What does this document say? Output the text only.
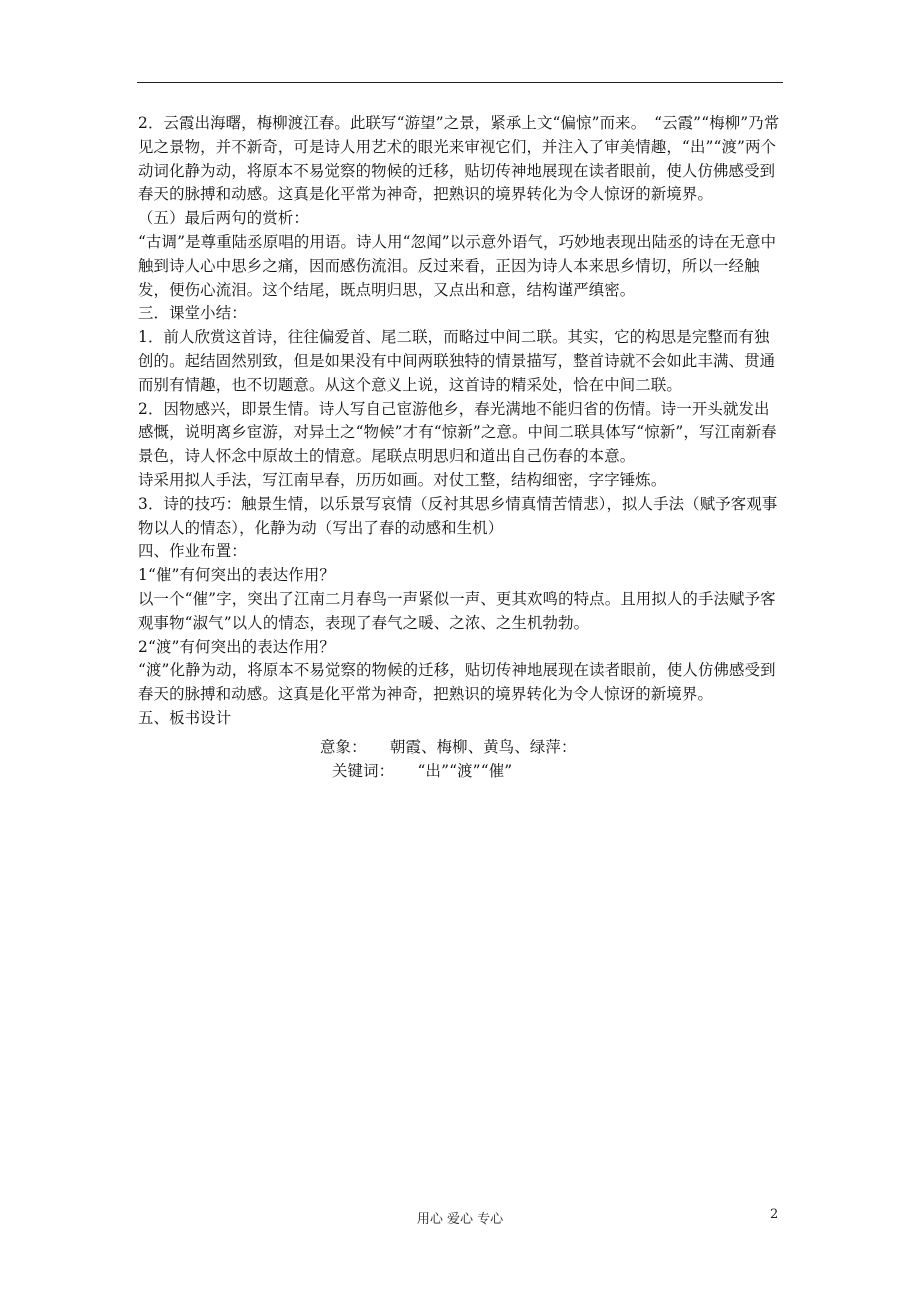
2．云霞出海曙，梅柳渡江春。此联写“游望”之景，紧承上文“偏惊”而来。　“云霞”“梅柳”乃常见之景物，并不新奇，可是诗人用艺术的眼光来审视它们，并注入了审美情趣，“出”“渡”两个动词化静为动，将原本不易觉察的物候的迁移，贴切传神地展现在读者眼前，使人仿佛感受到春天的脉搏和动感。这真是化平常为神奇，把熟识的境界转化为令人惊讶的新境界。

（五）最后两句的赏析：

“古调”是尊重陆丞原唱的用语。诗人用“忽闻”以示意外语气，巧妙地表现出陆丞的诗在无意中触到诗人心中思乡之痛，因而感伤流泪。反过来看，正因为诗人本来思乡情切，所以一经触发，便伤心流泪。这个结尾，既点明归思，又点出和意，结构谨严缜密。

三．课堂小结：

1．前人欣赏这首诗，往往偏爱首、尾二联，而略过中间二联。其实，它的构思是完整而有独创的。起结固然别致，但是如果没有中间两联独特的情景描写，整首诗就不会如此丰满、贯通而别有情趣，也不切题意。从这个意义上说，这首诗的精采处，恰在中间二联。

2．因物感兴，即景生情。诗人写自己宦游他乡，春光满地不能归省的伤情。诗一开头就发出感慨，说明离乡宦游，对异土之“物候”才有“惊新”之意。中间二联具体写“惊新”，写江南新春景色，诗人怀念中原故土的情意。尾联点明思归和道出自己伤春的本意。

诗采用拟人手法，写江南早春，历历如画。对仗工整，结构细密，字字锤炼。

3．诗的技巧：触景生情，以乐景写哀情（反衬其思乡情真情苦情悲），拟人手法（赋予客观事物以人的情态），化静为动（写出了春的动感和生机）

四、作业布置：

1“催”有何突出的表达作用？

以一个“催”字，突出了江南二月春鸟一声紧似一声、更其欢鸣的特点。且用拟人的手法赋予客观事物“淑气”以人的情态，表现了春气之暖、之浓、之生机勃勃。

2“渡”有何突出的表达作用？

“渡”化静为动，将原本不易觉察的物候的迁移，贴切传神地展现在读者眼前，使人仿佛感受到春天的脉搏和动感。这真是化平常为神奇，把熟识的境界转化为令人惊讶的新境界。

五、板书设计

意象：　　朝霞、梅柳、黄鸟、绿萍：

关键词：　　“出”“渡”“催”

用心 爱心 专心	2
